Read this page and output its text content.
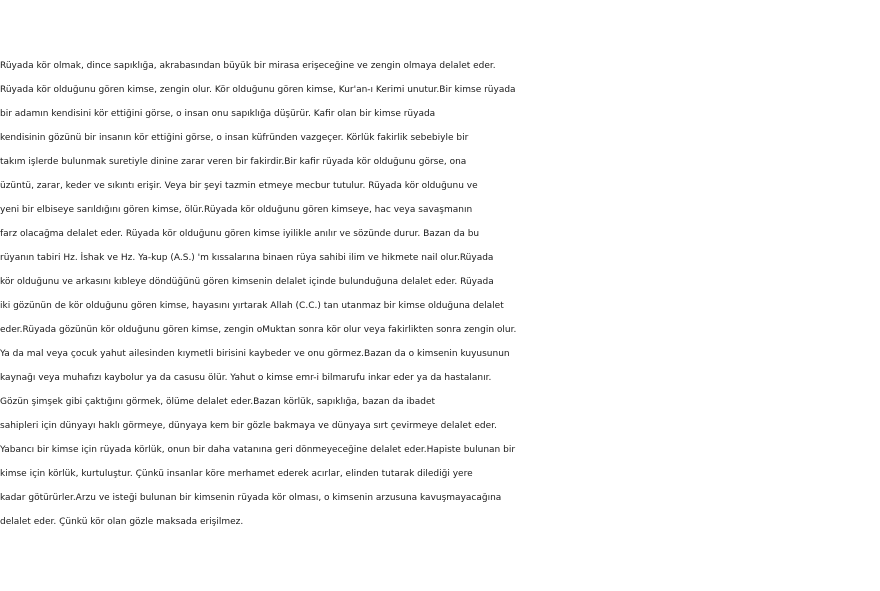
Rüyada kör olmak, dince sapıklığa, akrabasından büyük bir mirasa erişeceğine ve zengin olmaya delalet eder.
Rüyada kör olduğunu gören kimse, zengin olur. Kör olduğunu gören kimse, Kur'an-ı Kerimi unutur.Bir kimse rüyada
bir adamın kendisini kör ettiğini görse, o insan onu sapıklığa düşürür. Kafir olan bir kimse rüyada
kendisinin gözünü bir insanın kör ettiğini görse, o insan küfründen vazgeçer. Körlük fakirlik sebebiyle bir
takım işlerde bulunmak suretiyle dinine zarar veren bir fakirdir.Bir kafir rüyada kör olduğunu görse, ona
üzüntü, zarar, keder ve sıkıntı erişir. Veya bir şeyi tazmin etmeye mecbur tutulur. Rüyada kör olduğunu ve
yeni bir elbiseye sarıldığını gören kimse, ölür.Rüyada kör olduğunu gören kimseye, hac veya savaşmanın
farz olacağma delalet eder. Rüyada kör olduğunu gören kimse iyilikle anılır ve sözünde durur. Bazan da bu
rüyanın tabiri Hz. İshak ve Hz. Ya-kup (A.S.) 'm kıssalarına binaen rüya sahibi ilim ve hikmete nail olur.Rüyada
kör olduğunu ve arkasını kıbleye döndüğünü gören kimsenin delalet içinde bulunduğuna delalet eder. Rüyada
iki gözünün de kör olduğunu gören kimse, hayasını yırtarak Allah (C.C.) tan utanmaz bir kimse olduğuna delalet
eder.Rüyada gözünün kör olduğunu gören kimse, zengin oMuktan sonra kör olur veya fakirlikten sonra zengin olur.
Ya da mal veya çocuk yahut ailesinden kıymetli birisini kaybeder ve onu görmez.Bazan da o kimsenin kuyusunun
kaynağı veya muhafızı kaybolur ya da casusu ölür. Yahut o kimse emr-i bilmarufu inkar eder ya da hastalanır.
Gözün şimşek gibi çaktığını görmek, ölüme delalet eder.Bazan körlük, sapıklığa, bazan da ibadet
sahipleri için dünyayı haklı görmeye, dünyaya kem bir gözle bakmaya ve dünyaya sırt çevirmeye delalet eder.
Yabancı bir kimse için rüyada körlük, onun bir daha vatanına geri dönmeyeceğine delalet eder.Hapiste bulunan bir
kimse için körlük, kurtuluştur. Çünkü insanlar köre merhamet ederek acırlar, elinden tutarak dilediği yere
kadar götürürler.Arzu ve isteği bulunan bir kimsenin rüyada kör olması, o kimsenin arzusuna kavuşmayacağına
delalet eder. Çünkü kör olan gözle maksada erişilmez.
